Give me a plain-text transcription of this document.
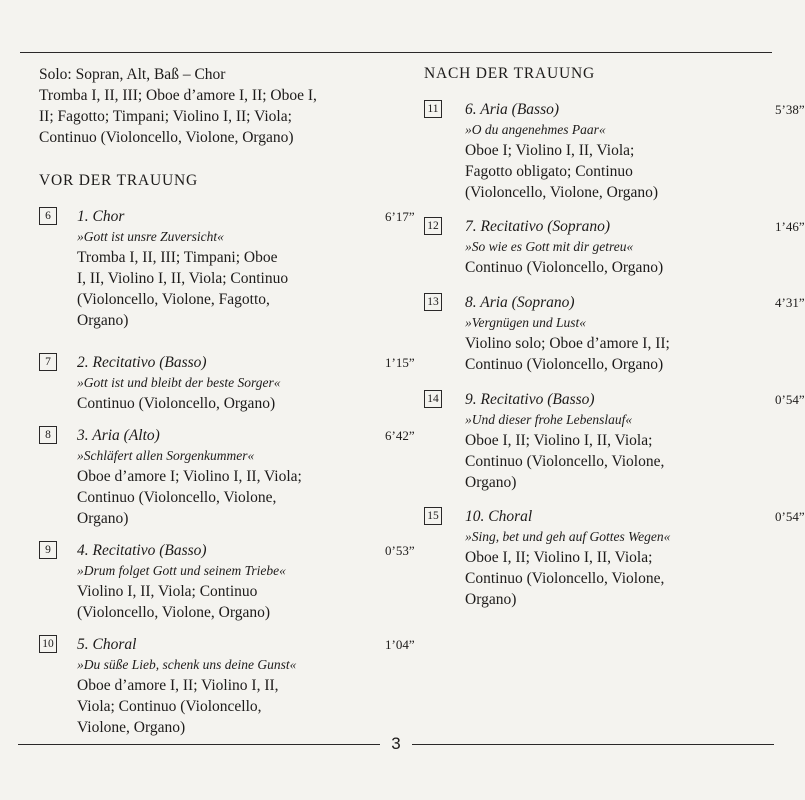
Solo: Sopran, Alt, Baß – Chor
Tromba I, II, III; Oboe d’amore I, II; Oboe I,
II; Fagotto; Timpani; Violino I, II; Viola;
Continuo (Violoncello, Violone, Organo)
VOR DER TRAUUNG
6	1. Chor	6’17”
»Gott ist unsre Zuversicht«
Tromba I, II, III; Timpani; Oboe
I, II, Violino I, II, Viola; Continuo
(Violoncello, Violone, Fagotto,
Organo)
7	2. Recitativo (Basso)	1’15”
»Gott ist und bleibt der beste Sorger«
Continuo (Violoncello, Organo)
8	3. Aria (Alto)	6’42”
»Schläfert allen Sorgenkummer«
Oboe d’amore I; Violino I, II, Viola;
Continuo (Violoncello, Violone,
Organo)
9	4. Recitativo (Basso)	0’53”
»Drum folget Gott und seinem Triebe«
Violino I, II, Viola; Continuo
(Violoncello, Violone, Organo)
10 5. Choral	1’04”
»Du süße Lieb, schenk uns deine Gunst«
Oboe d’amore I, II; Violino I, II,
Viola; Continuo (Violoncello,
Violone, Organo)
NACH DER TRAUUNG
11 6. Aria (Basso)	5’38”
»O du angenehmes Paar«
Oboe I; Violino I, II, Viola;
Fagotto obligato; Continuo
(Violoncello, Violone, Organo)
12 7. Recitativo (Soprano)	1’46”
»So wie es Gott mit dir getreu«
Continuo (Violoncello, Organo)
13 8. Aria (Soprano)	4’31”
»Vergnügen und Lust«
Violino solo; Oboe d’amore I, II;
Continuo (Violoncello, Organo)
14 9. Recitativo (Basso)	0’54”
»Und dieser frohe Lebenslauf«
Oboe I, II; Violino I, II, Viola;
Continuo (Violoncello, Violone,
Organo)
15 10. Choral	0’54”
»Sing, bet und geh auf Gottes Wegen«
Oboe I, II; Violino I, II, Viola;
Continuo (Violoncello, Violone,
Organo)
3
